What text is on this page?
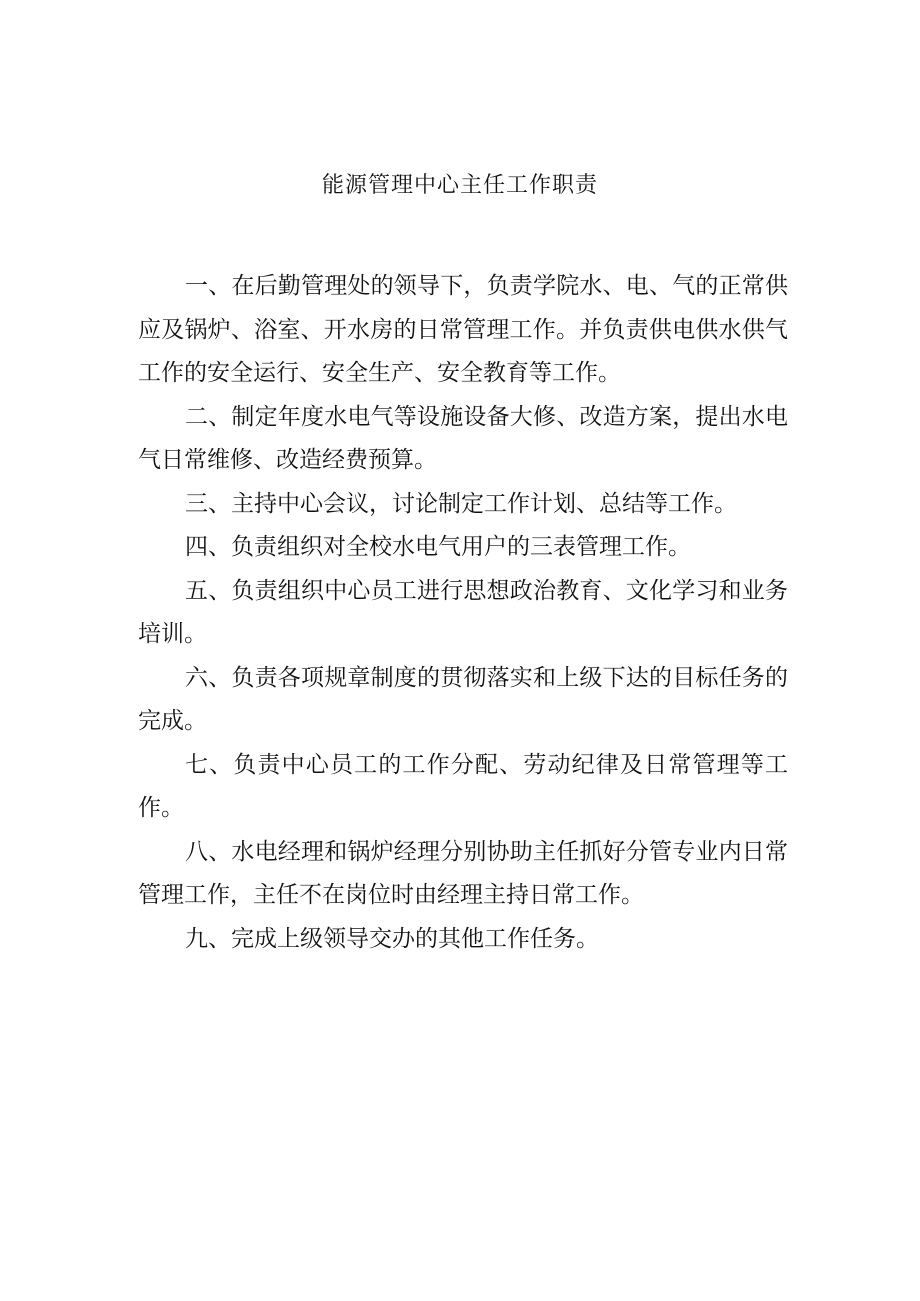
能源管理中心主任工作职责

一、在后勤管理处的领导下，负责学院水、电、气的正常供应及锅炉、浴室、开水房的日常管理工作。并负责供电供水供气工作的安全运行、安全生产、安全教育等工作。

二、制定年度水电气等设施设备大修、改造方案，提出水电气日常维修、改造经费预算。

三、主持中心会议，讨论制定工作计划、总结等工作。

四、负责组织对全校水电气用户的三表管理工作。

五、负责组织中心员工进行思想政治教育、文化学习和业务培训。

六、负责各项规章制度的贯彻落实和上级下达的目标任务的完成。

七、负责中心员工的工作分配、劳动纪律及日常管理等工作。

八、水电经理和锅炉经理分别协助主任抓好分管专业内日常管理工作，主任不在岗位时由经理主持日常工作。

九、完成上级领导交办的其他工作任务。
